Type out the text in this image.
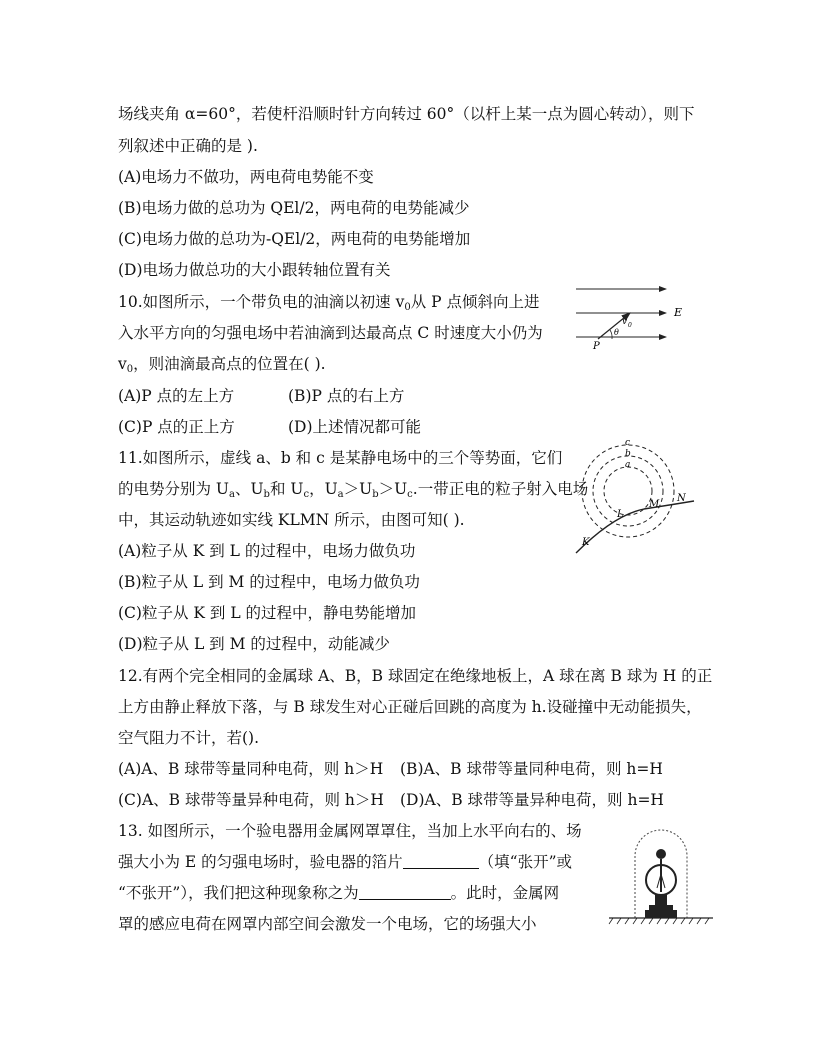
场线夹角 α=60°，若使杆沿顺时针方向转过 60°（以杆上某一点为圆心转动），则下
列叙述中正确的是 ).
(A)电场力不做功，两电荷电势能不变
(B)电场力做的总功为 QEl/2，两电荷的电势能减少
(C)电场力做的总功为-QEl/2，两电荷的电势能增加
(D)电场力做总功的大小跟转轴位置有关
10.如图所示，一个带负电的油滴以初速 $v_0$从 P 点倾斜向上进
入水平方向的匀强电场中若油滴到达最高点 C 时速度大小仍为
$v_0$，则油滴最高点的位置在( ).
(A)P 点的左上方	(B)P 点的右上方
(C)P 点的正上方	(D)上述情况都可能
E
v 0
θ
P
11.如图所示，虚线 a、b 和 c 是某静电场中的三个等势面，它们
的电势分别为 $U_a$、$U_b$和 $U_c$，$U_a>U_b>U_c$.一带正电的粒子射入电场
中，其运动轨迹如实线 KLMN 所示，由图可知( ).
(A)粒子从 K 到 L 的过程中，电场力做负功
(B)粒子从 L 到 M 的过程中，电场力做负功
(C)粒子从 K 到 L 的过程中，静电势能增加
(D)粒子从 L 到 M 的过程中，动能减少
c
b
a
K
L
M
N
12.有两个完全相同的金属球 A、B，B 球固定在绝缘地板上，A 球在离 B 球为 H 的正
上方由静止释放下落，与 B 球发生对心正碰后回跳的高度为 h.设碰撞中无动能损失，
空气阻力不计，若().
(A)A、B 球带等量同种电荷，则 h＞H (B)A、B 球带等量同种电荷，则 h=H
(C)A、B 球带等量异种电荷，则 h＞H (D)A、B 球带等量异种电荷，则 h=H
13. 如图所示，一个验电器用金属网罩罩住，当加上水平向右的、场
强大小为 E 的匀强电场时，验电器的箔片	（填“张开”或
“不张开”），我们把这种现象称之为	。此时，金属网
罩的感应电荷在网罩内部空间会激发一个电场，它的场强大小
